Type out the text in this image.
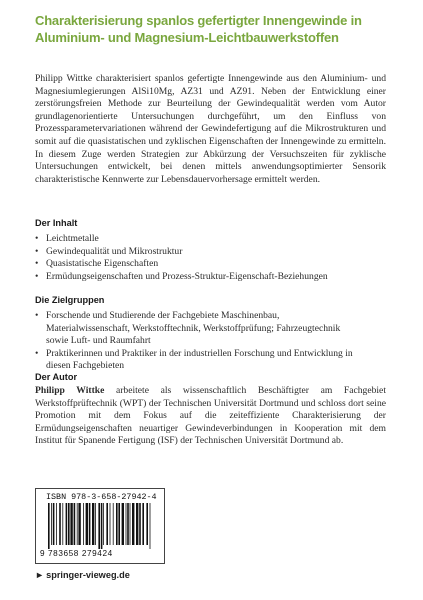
Charakterisierung spanlos gefertigter Innengewinde in Aluminium- und Magnesium-Leichtbauwerkstoffen
Philipp Wittke charakterisiert spanlos gefertigte Innengewinde aus den Aluminium- und Magnesiumlegierungen AlSi10Mg, AZ31 und AZ91. Neben der Entwicklung einer zerstörungsfreien Methode zur Beurteilung der Gewindequalität werden vom Autor grundlagenorientierte Untersuchungen durchgeführt, um den Einfluss von Prozessparametervariationen während der Gewindefertigung auf die Mikrostrukturen und somit auf die quasistatischen und zyklischen Eigenschaften der Innengewinde zu ermitteln. In diesem Zuge werden Strategien zur Abkürzung der Versuchszeiten für zyklische Untersuchungen entwickelt, bei denen mittels anwendungsoptimierter Sensorik charakteristische Kennwerte zur Lebensdauervorhersage ermittelt werden.
Der Inhalt
• Leichtmetalle
• Gewindequalität und Mikrostruktur
• Quasistatische Eigenschaften
• Ermüdungseigenschaften und Prozess-Struktur-Eigenschaft-Beziehungen
Die Zielgruppen
• Forschende und Studierende der Fachgebiete Maschinenbau, Materialwissenschaft, Werkstofftechnik, Werkstoffprüfung; Fahrzeugtechnik sowie Luft- und Raumfahrt
• Praktikerinnen und Praktiker in der industriellen Forschung und Entwicklung in diesen Fachgebieten
Der Autor
Philipp Wittke arbeitete als wissenschaftlich Beschäftigter am Fachgebiet Werkstoffprüftechnik (WPT) der Technischen Universität Dortmund und schloss dort seine Promotion mit dem Fokus auf die zeiteffiziente Charakterisierung der Ermüdungseigenschaften neuartiger Gewindeverbindungen in Kooperation mit dem Institut für Spanende Fertigung (ISF) der Technischen Universität Dortmund ab.
ISBN 978-3-658-27942-4
9 783658 279424
► springer-vieweg.de
